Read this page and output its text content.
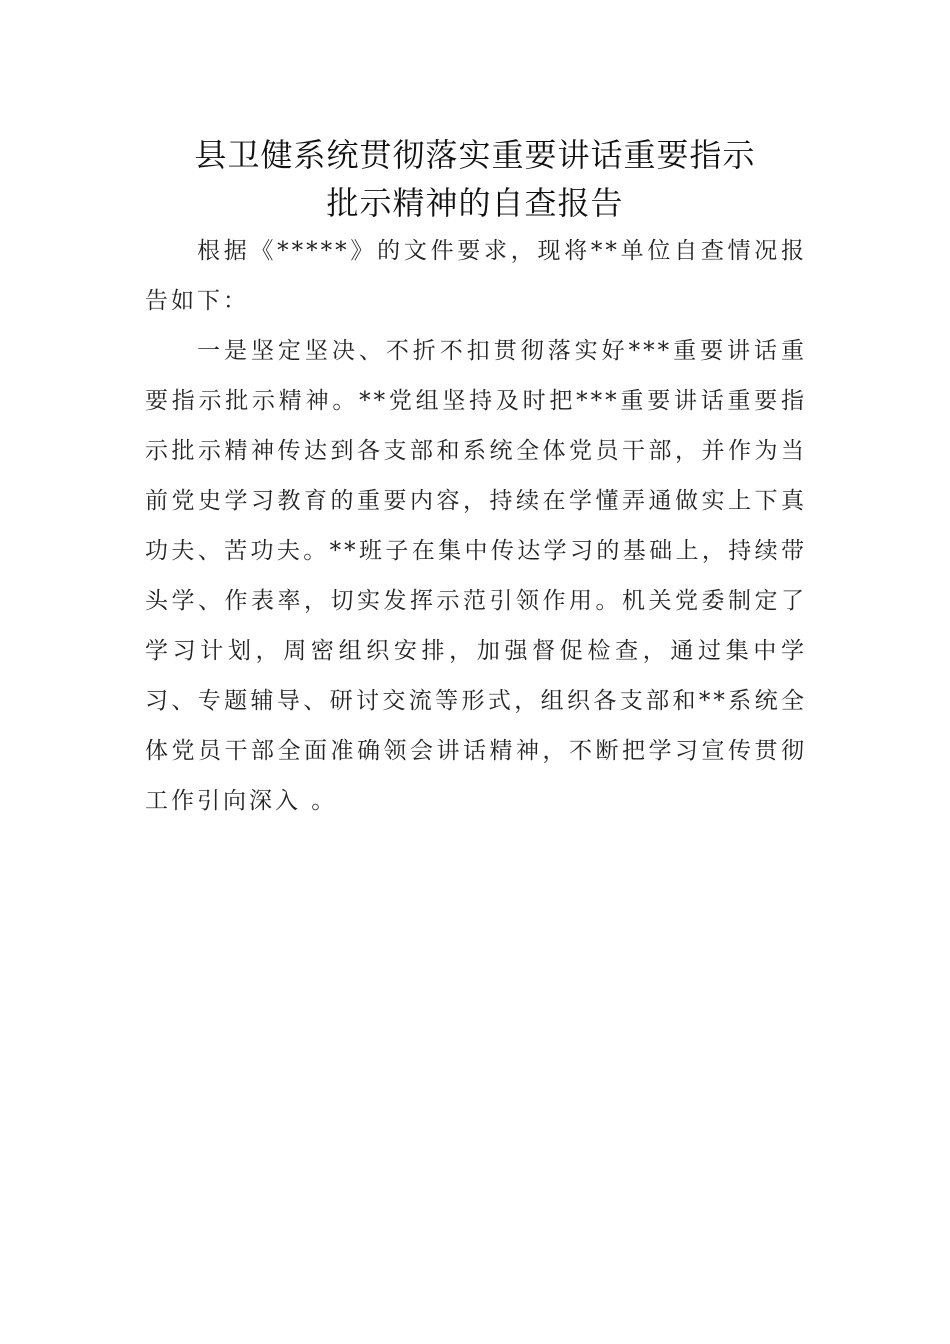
县卫健系统贯彻落实重要讲话重要指示
批示精神的自查报告

根据《*****》的文件要求，现将**单位自查情况报告如下：

一是坚定坚决、不折不扣贯彻落实好***重要讲话重要指示批示精神。**党组坚持及时把***重要讲话重要指示批示精神传达到各支部和系统全体党员干部，并作为当前党史学习教育的重要内容，持续在学懂弄通做实上下真功夫、苦功夫。**班子在集中传达学习的基础上，持续带头学、作表率，切实发挥示范引领作用。机关党委制定了学习计划，周密组织安排，加强督促检查，通过集中学习、专题辅导、研讨交流等形式，组织各支部和**系统全体党员干部全面准确领会讲话精神，不断把学习宣传贯彻工作引向深入 。
